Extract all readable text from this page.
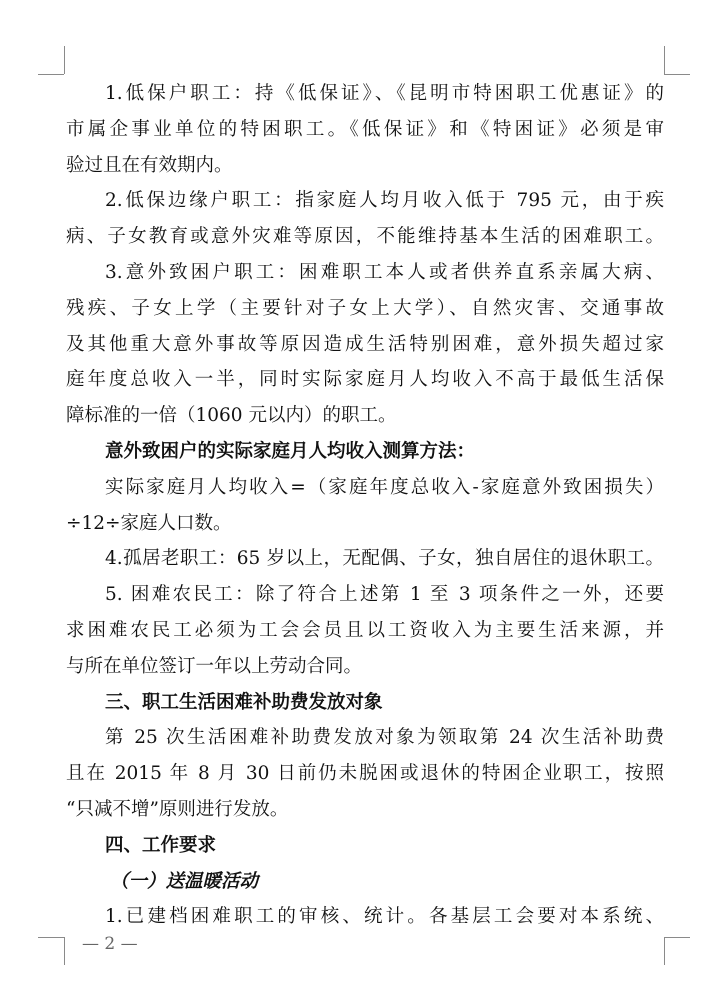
1.低保户职工：持《低保证》、《昆明市特困职工优惠证》的

市属企事业单位的特困职工。《低保证》和《特困证》必须是审

验过且在有效期内。

2.低保边缘户职工：指家庭人均月收入低于 795 元，由于疾

病、子女教育或意外灾难等原因，不能维持基本生活的困难职工。

3.意外致困户职工：困难职工本人或者供养直系亲属大病、

残疾、子女上学（主要针对子女上大学）、自然灾害、交通事故

及其他重大意外事故等原因造成生活特别困难，意外损失超过家

庭年度总收入一半，同时实际家庭月人均收入不高于最低生活保

障标准的一倍（1060 元以内）的职工。

意外致困户的实际家庭月人均收入测算方法：

实际家庭月人均收入=（家庭年度总收入-家庭意外致困损失）

÷12÷家庭人口数。

4.孤居老职工：65 岁以上，无配偶、子女，独自居住的退休职工。

5. 困难农民工：除了符合上述第 1 至 3 项条件之一外，还要

求困难农民工必须为工会会员且以工资收入为主要生活来源，并

与所在单位签订一年以上劳动合同。

三、职工生活困难补助费发放对象

第 25 次生活困难补助费发放对象为领取第 24 次生活补助费

且在 2015 年 8 月 30 日前仍未脱困或退休的特困企业职工，按照

“只减不增”原则进行发放。

四、工作要求

（一）送温暖活动

1.已建档困难职工的审核、统计。各基层工会要对本系统、

— 2 —
